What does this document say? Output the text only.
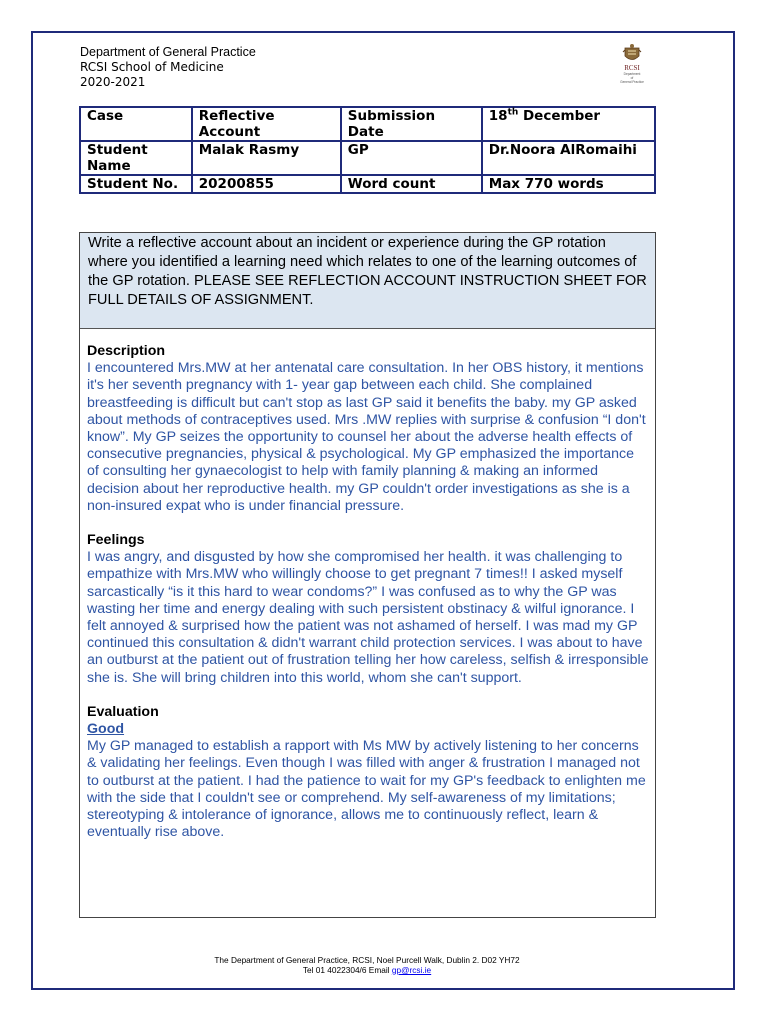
Department of General Practice
RCSI School of Medicine
2020-2021
RCSI
Department
of
General Practice
Case	Reflective Account	Submission Date	18th December
Student Name	Malak Rasmy	GP	Dr.Noora AlRomaihi
Student No.	20200855	Word count	Max 770 words
Write a reflective account about an incident or experience during the GP rotation where you identified a learning need which relates to one of the learning outcomes of the GP rotation. PLEASE SEE REFLECTION ACCOUNT INSTRUCTION SHEET FOR FULL DETAILS OF ASSIGNMENT.
Description

I encountered Mrs.MW at her antenatal care consultation. In her OBS history, it mentions it's her seventh pregnancy with 1- year gap between each child. She complained breastfeeding is difficult but can't stop as last GP said it benefits the baby. my GP asked about methods of contraceptives used. Mrs .MW replies with surprise & confusion “I don't know”. My GP seizes the opportunity to counsel her about the adverse health effects of consecutive pregnancies, physical & psychological. My GP emphasized the importance of consulting her gynaecologist to help with family planning & making an informed decision about her reproductive health. my GP couldn't order investigations as she is a non-insured expat who is under financial pressure.

Feelings

I was angry, and disgusted by how she compromised her health. it was challenging to empathize with Mrs.MW who willingly choose to get pregnant 7 times!! I asked myself sarcastically “is it this hard to wear condoms?” I was confused as to why the GP was wasting her time and energy dealing with such persistent obstinacy & wilful ignorance. I felt annoyed & surprised how the patient was not ashamed of herself. I was mad my GP continued this consultation & didn't warrant child protection services. I was about to have an outburst at the patient out of frustration telling her how careless, selfish & irresponsible she is. She will bring children into this world, whom she can't support.

Evaluation
Good

My GP managed to establish a rapport with Ms MW by actively listening to her concerns & validating her feelings. Even though I was filled with anger & frustration I managed not to outburst at the patient. I had the patience to wait for my GP's feedback to enlighten me with the side that I couldn't see or comprehend. My self-awareness of my limitations; stereotyping & intolerance of ignorance, allows me to continuously reflect, learn & eventually rise above.

The Department of General Practice, RCSI, Noel Purcell Walk, Dublin 2. D02 YH72
Tel 01 4022304/6 Email gp@rcsi.ie
